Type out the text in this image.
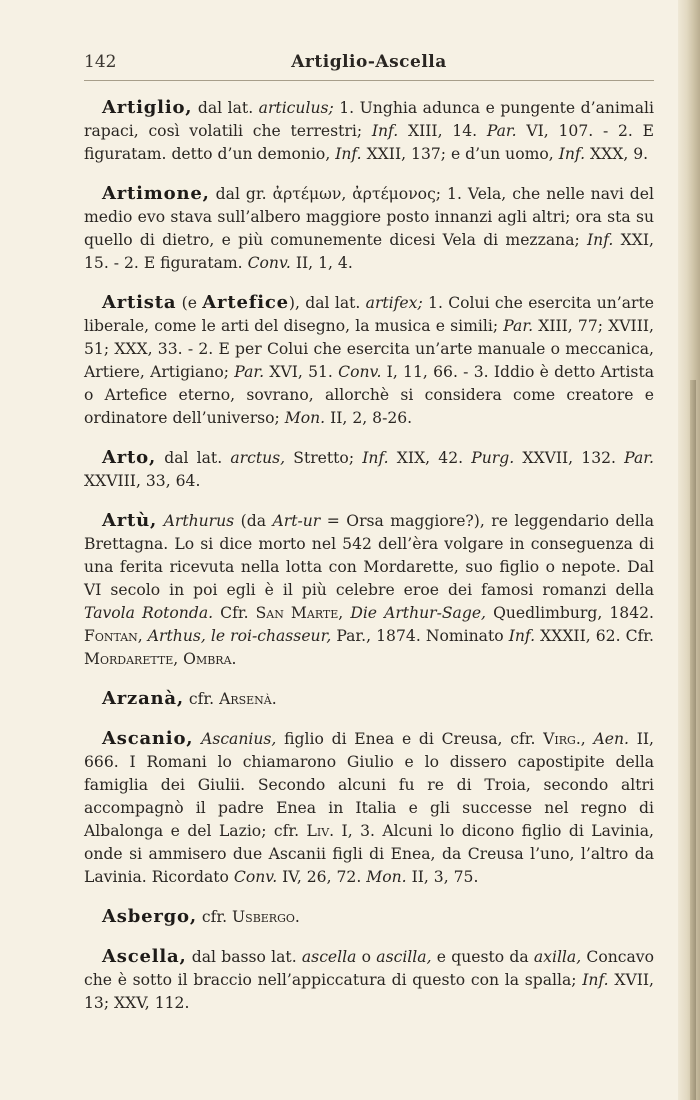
142	Artiglio-Ascella

Artiglio, dal lat. articulus; 1. Unghia adunca e pungente d’animali rapaci, così volatili che terrestri; Inf. XIII, 14. Par. VI, 107. - 2. E figuratam. detto d’un demonio, Inf. XXII, 137; e d’un uomo, Inf. XXX, 9.

Artimone, dal gr. ἀρτέμων, ἀρτέμονος; 1. Vela, che nelle navi del medio evo stava sull’albero maggiore posto innanzi agli altri; ora sta su quello di dietro, e più comunemente dicesi Vela di mezzana; Inf. XXI, 15. - 2. E figuratam. Conv. II, 1, 4.

Artista (e Artefice), dal lat. artifex; 1. Colui che esercita un’arte liberale, come le arti del disegno, la musica e simili; Par. XIII, 77; XVIII, 51; XXX, 33. - 2. E per Colui che esercita un’arte manuale o meccanica, Artiere, Artigiano; Par. XVI, 51. Conv. I, 11, 66. - 3. Iddio è detto Artista o Artefice eterno, sovrano, allorchè si considera come creatore e ordinatore dell’universo; Mon. II, 2, 8-26.

Arto, dal lat. arctus, Stretto; Inf. XIX, 42. Purg. XXVII, 132. Par. XXVIII, 33, 64.

Artù, Arthurus (da Art-ur = Orsa maggiore?), re leggendario della Brettagna. Lo si dice morto nel 542 dell’èra volgare in conseguenza di una ferita ricevuta nella lotta con Mordarette, suo figlio o nepote. Dal VI secolo in poi egli è il più celebre eroe dei famosi romanzi della Tavola Rotonda. Cfr. San Marte, Die Arthur-Sage, Quedlimburg, 1842. Fontan, Arthus, le roi-chasseur, Par., 1874. Nominato Inf. XXXII, 62. Cfr. Mordarette, Ombra.

Arzanà, cfr. Arsenà.

Ascanio, Ascanius, figlio di Enea e di Creusa, cfr. Virg., Aen. II, 666. I Romani lo chiamarono Giulio e lo dissero capostipite della famiglia dei Giulii. Secondo alcuni fu re di Troia, secondo altri accompagnò il padre Enea in Italia e gli successe nel regno di Albalonga e del Lazio; cfr. Liv. I, 3. Alcuni lo dicono figlio di Lavinia, onde si ammisero due Ascanii figli di Enea, da Creusa l’uno, l’altro da Lavinia. Ricordato Conv. IV, 26, 72. Mon. II, 3, 75.

Asbergo, cfr. Usbergo.

Ascella, dal basso lat. ascella o ascilla, e questo da axilla, Concavo che è sotto il braccio nell’appiccatura di questo con la spalla; Inf. XVII, 13; XXV, 112.
